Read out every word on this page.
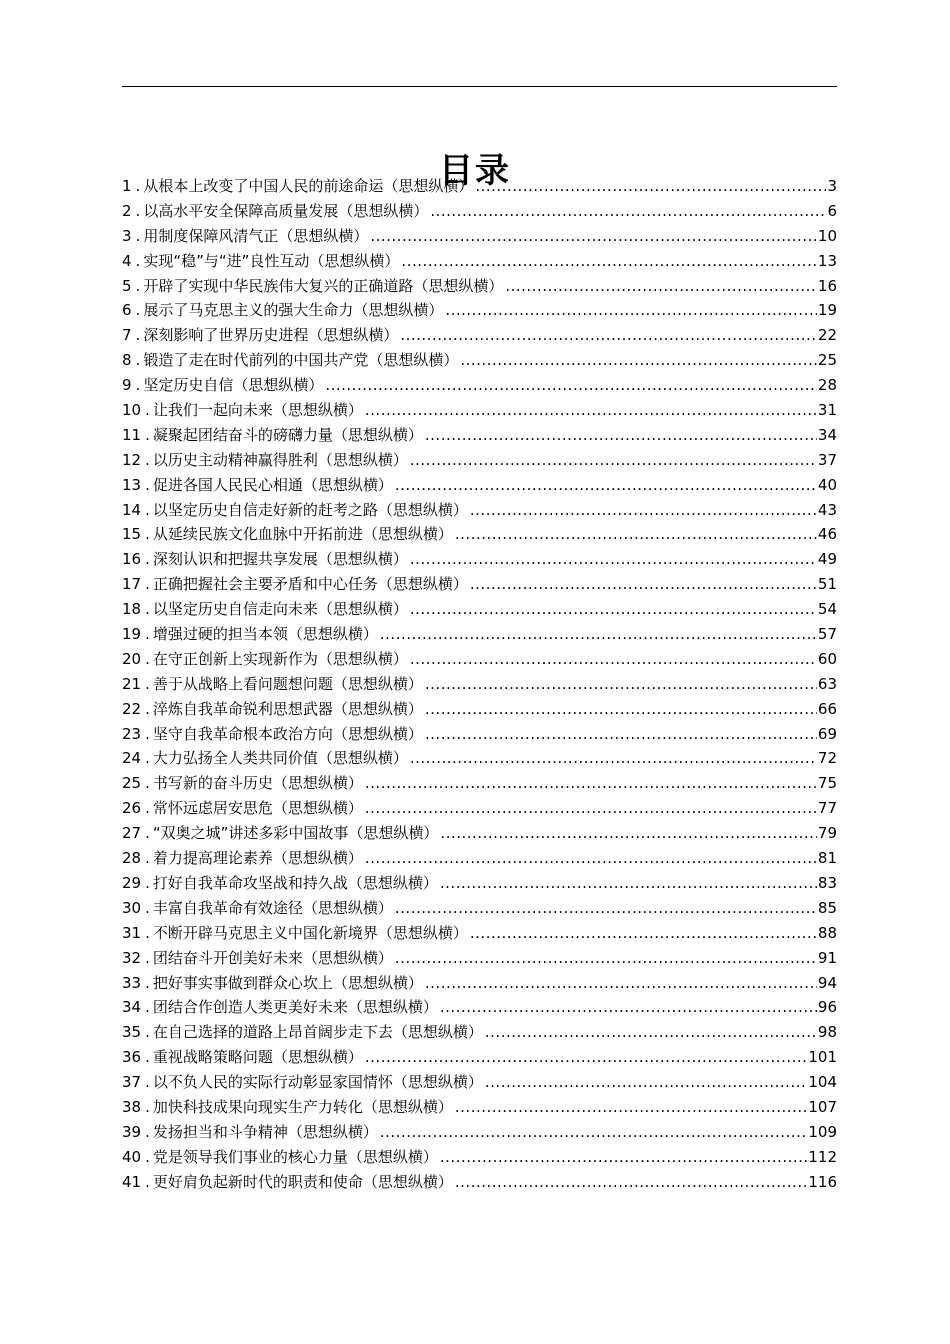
目录
1 . 从根本上改变了中国人民的前途命运（思想纵横） .....	3
2 . 以高水平安全保障高质量发展（思想纵横） .....	6
3 . 用制度保障风清气正（思想纵横） .....	10
4 . 实现“稳”与“进”良性互动（思想纵横） .....	13
5 . 开辟了实现中华民族伟大复兴的正确道路（思想纵横） .....	16
6 . 展示了马克思主义的强大生命力（思想纵横） .....	19
7 . 深刻影响了世界历史进程（思想纵横） .....	22
8 . 锻造了走在时代前列的中国共产党（思想纵横） .....	25
9 . 坚定历史自信（思想纵横） .....	28
10 . 让我们一起向未来（思想纵横） .....	31
11 . 凝聚起团结奋斗的磅礴力量（思想纵横） .....	34
12 . 以历史主动精神赢得胜利（思想纵横） .....	37
13 . 促进各国人民民心相通（思想纵横） .....	40
14 . 以坚定历史自信走好新的赶考之路（思想纵横） .....	43
15 . 从延续民族文化血脉中开拓前进（思想纵横） .....	46
16 . 深刻认识和把握共享发展（思想纵横） .....	49
17 . 正确把握社会主要矛盾和中心任务（思想纵横） .....	51
18 . 以坚定历史自信走向未来（思想纵横） .....	54
19 . 增强过硬的担当本领（思想纵横） .....	57
20 . 在守正创新上实现新作为（思想纵横） .....	60
21 . 善于从战略上看问题想问题（思想纵横） .....	63
22 . 淬炼自我革命锐利思想武器（思想纵横） .....	66
23 . 坚守自我革命根本政治方向（思想纵横） .....	69
24 . 大力弘扬全人类共同价值（思想纵横） .....	72
25 . 书写新的奋斗历史（思想纵横） .....	75
26 . 常怀远虑居安思危（思想纵横） .....	77
27 . “双奥之城”讲述多彩中国故事（思想纵横） .....	79
28 . 着力提高理论素养（思想纵横） .....	81
29 . 打好自我革命攻坚战和持久战（思想纵横） .....	83
30 . 丰富自我革命有效途径（思想纵横） .....	85
31 . 不断开辟马克思主义中国化新境界（思想纵横） .....	88
32 . 团结奋斗开创美好未来（思想纵横） .....	91
33 . 把好事实事做到群众心坎上（思想纵横） .....	94
34 . 团结合作创造人类更美好未来（思想纵横） .....	96
35 . 在自己选择的道路上昂首阔步走下去（思想纵横） .....	98
36 . 重视战略策略问题（思想纵横） .....	101
37 . 以不负人民的实际行动彰显家国情怀（思想纵横） .....	104
38 . 加快科技成果向现实生产力转化（思想纵横） .....	107
39 . 发扬担当和斗争精神（思想纵横） .....	109
40 . 党是领导我们事业的核心力量（思想纵横） .....	112
41 . 更好肩负起新时代的职责和使命（思想纵横） .....	116
